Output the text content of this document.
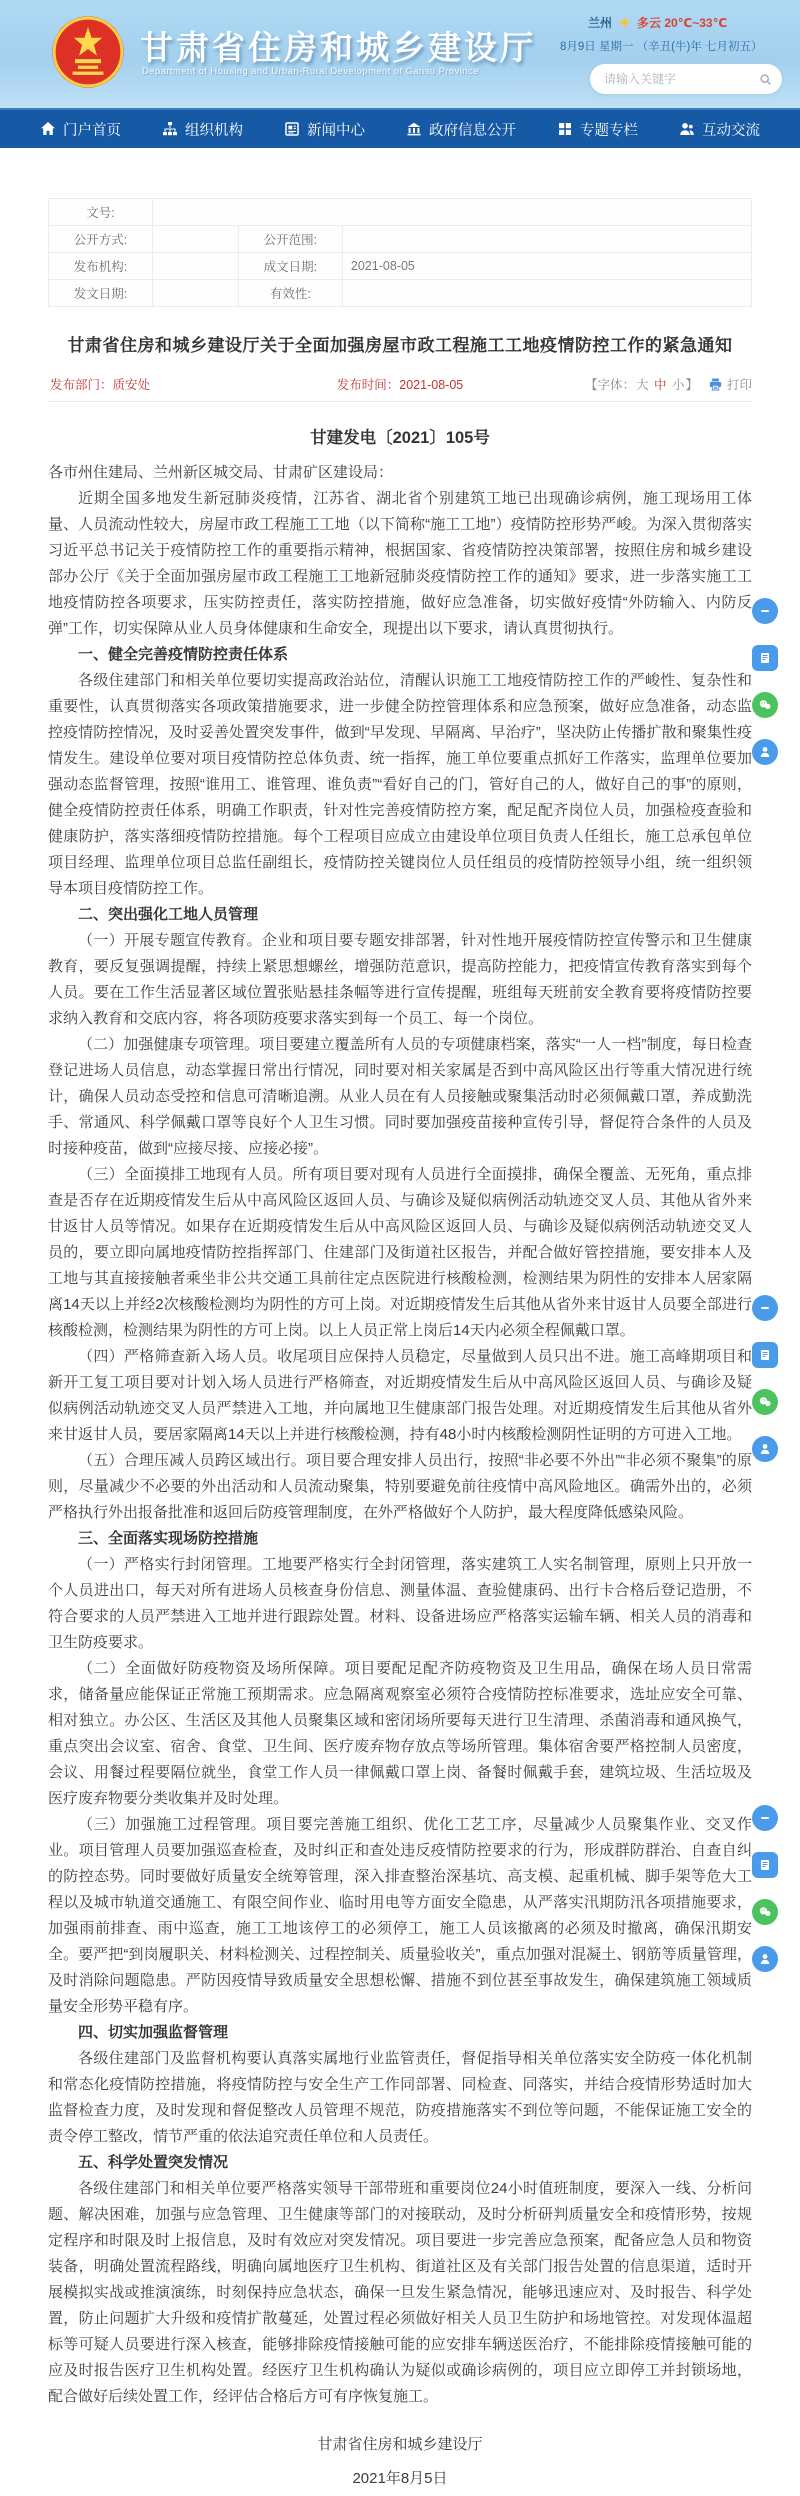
甘肃省住房和城乡建设厅
Department of Housing and Urban-Rural Development of Gansu Province
兰州 多云 20℃~33℃
8月9日 星期一 （辛丑(牛)年 七月初五）
请输入关键字
门户首页	组织机构	新闻中心	政府信息公开	专题专栏	互动交流
文号:			
公开方式:		公开范围:	
发布机构:		成文日期:	2021-08-05
发文日期:		有效性:	
甘肃省住房和城乡建设厅关于全面加强房屋市政工程施工工地疫情防控工作的紧急通知
发布部门：质安处	发布时间：2021-08-05	【字体：大 中 小】 打印
甘建发电〔2021〕105号

各市州住建局、兰州新区城交局、甘肃矿区建设局：

近期全国多地发生新冠肺炎疫情，江苏省、湖北省个别建筑工地已出现确诊病例，施工现场用工体量、人员流动性较大，房屋市政工程施工工地（以下简称“施工工地”）疫情防控形势严峻。为深入贯彻落实习近平总书记关于疫情防控工作的重要指示精神，根据国家、省疫情防控决策部署，按照住房和城乡建设部办公厅《关于全面加强房屋市政工程施工工地新冠肺炎疫情防控工作的通知》要求，进一步落实施工工地疫情防控各项要求，压实防控责任，落实防控措施，做好应急准备，切实做好疫情“外防输入、内防反弹”工作，切实保障从业人员身体健康和生命安全，现提出以下要求，请认真贯彻执行。

一、健全完善疫情防控责任体系

各级住建部门和相关单位要切实提高政治站位，清醒认识施工工地疫情防控工作的严峻性、复杂性和重要性，认真贯彻落实各项政策措施要求，进一步健全防控管理体系和应急预案，做好应急准备，动态监控疫情防控情况，及时妥善处置突发事件，做到“早发现、早隔离、早治疗”，坚决防止传播扩散和聚集性疫情发生。建设单位要对项目疫情防控总体负责、统一指挥，施工单位要重点抓好工作落实，监理单位要加强动态监督管理，按照“谁用工、谁管理、谁负责”“看好自己的门，管好自己的人，做好自己的事”的原则，健全疫情防控责任体系，明确工作职责，针对性完善疫情防控方案，配足配齐岗位人员，加强检疫查验和健康防护，落实落细疫情防控措施。每个工程项目应成立由建设单位项目负责人任组长，施工总承包单位项目经理、监理单位项目总监任副组长，疫情防控关键岗位人员任组员的疫情防控领导小组，统一组织领导本项目疫情防控工作。

二、突出强化工地人员管理

（一）开展专题宣传教育。企业和项目要专题安排部署，针对性地开展疫情防控宣传警示和卫生健康教育，要反复强调提醒，持续上紧思想螺丝，增强防范意识，提高防控能力，把疫情宣传教育落实到每个人员。要在工作生活显著区域位置张贴悬挂条幅等进行宣传提醒，班组每天班前安全教育要将疫情防控要求纳入教育和交底内容，将各项防疫要求落实到每一个员工、每一个岗位。

（二）加强健康专项管理。项目要建立覆盖所有人员的专项健康档案，落实“一人一档”制度，每日检查登记进场人员信息，动态掌握日常出行情况，同时要对相关家属是否到中高风险区出行等重大情况进行统计，确保人员动态受控和信息可清晰追溯。从业人员在有人员接触或聚集活动时必须佩戴口罩，养成勤洗手、常通风、科学佩戴口罩等良好个人卫生习惯。同时要加强疫苗接种宣传引导，督促符合条件的人员及时接种疫苗，做到“应接尽接、应接必接”。

（三）全面摸排工地现有人员。所有项目要对现有人员进行全面摸排，确保全覆盖、无死角，重点排查是否存在近期疫情发生后从中高风险区返回人员、与确诊及疑似病例活动轨迹交叉人员、其他从省外来甘返甘人员等情况。如果存在近期疫情发生后从中高风险区返回人员、与确诊及疑似病例活动轨迹交叉人员的，要立即向属地疫情防控指挥部门、住建部门及街道社区报告，并配合做好管控措施，要安排本人及工地与其直接接触者乘坐非公共交通工具前往定点医院进行核酸检测，检测结果为阴性的安排本人居家隔离14天以上并经2次核酸检测均为阴性的方可上岗。对近期疫情发生后其他从省外来甘返甘人员要全部进行核酸检测，检测结果为阴性的方可上岗。以上人员正常上岗后14天内必须全程佩戴口罩。

（四）严格筛查新入场人员。收尾项目应保持人员稳定，尽量做到人员只出不进。施工高峰期项目和新开工复工项目要对计划入场人员进行严格筛查，对近期疫情发生后从中高风险区返回人员、与确诊及疑似病例活动轨迹交叉人员严禁进入工地，并向属地卫生健康部门报告处理。对近期疫情发生后其他从省外来甘返甘人员，要居家隔离14天以上并进行核酸检测，持有48小时内核酸检测阴性证明的方可进入工地。

（五）合理压减人员跨区域出行。项目要合理安排人员出行，按照“非必要不外出”“非必须不聚集”的原则，尽量减少不必要的外出活动和人员流动聚集，特别要避免前往疫情中高风险地区。确需外出的，必须严格执行外出报备批准和返回后防疫管理制度，在外严格做好个人防护，最大程度降低感染风险。

三、全面落实现场防控措施

（一）严格实行封闭管理。工地要严格实行全封闭管理，落实建筑工人实名制管理，原则上只开放一个人员进出口，每天对所有进场人员核查身份信息、测量体温、查验健康码、出行卡合格后登记造册，不符合要求的人员严禁进入工地并进行跟踪处置。材料、设备进场应严格落实运输车辆、相关人员的消毒和卫生防疫要求。

（二）全面做好防疫物资及场所保障。项目要配足配齐防疫物资及卫生用品，确保在场人员日常需求，储备量应能保证正常施工预期需求。应急隔离观察室必须符合疫情防控标准要求，选址应安全可靠、相对独立。办公区、生活区及其他人员聚集区域和密闭场所要每天进行卫生清理、杀菌消毒和通风换气，重点突出会议室、宿舍、食堂、卫生间、医疗废弃物存放点等场所管理。集体宿舍要严格控制人员密度，会议、用餐过程要隔位就坐，食堂工作人员一律佩戴口罩上岗、备餐时佩戴手套，建筑垃圾、生活垃圾及医疗废弃物要分类收集并及时处理。

（三）加强施工过程管理。项目要完善施工组织、优化工艺工序，尽量减少人员聚集作业、交叉作业。项目管理人员要加强巡查检查，及时纠正和查处违反疫情防控要求的行为，形成群防群治、自查自纠的防控态势。同时要做好质量安全统筹管理，深入排查整治深基坑、高支模、起重机械、脚手架等危大工程以及城市轨道交通施工、有限空间作业、临时用电等方面安全隐患，从严落实汛期防汛各项措施要求，加强雨前排查、雨中巡查，施工工地该停工的必须停工，施工人员该撤离的必须及时撤离，确保汛期安全。要严把“到岗履职关、材料检测关、过程控制关、质量验收关”，重点加强对混凝土、钢筋等质量管理，及时消除问题隐患。严防因疫情导致质量安全思想松懈、措施不到位甚至事故发生，确保建筑施工领域质量安全形势平稳有序。

四、切实加强监督管理

各级住建部门及监督机构要认真落实属地行业监管责任，督促指导相关单位落实安全防疫一体化机制和常态化疫情防控措施，将疫情防控与安全生产工作同部署、同检查、同落实，并结合疫情形势适时加大监督检查力度，及时发现和督促整改人员管理不规范，防疫措施落实不到位等问题，不能保证施工安全的责令停工整改，情节严重的依法追究责任单位和人员责任。

五、科学处置突发情况

各级住建部门和相关单位要严格落实领导干部带班和重要岗位24小时值班制度，要深入一线、分析问题、解决困难，加强与应急管理、卫生健康等部门的对接联动，及时分析研判质量安全和疫情形势，按规定程序和时限及时上报信息，及时有效应对突发情况。项目要进一步完善应急预案，配备应急人员和物资装备，明确处置流程路线，明确向属地医疗卫生机构、街道社区及有关部门报告处置的信息渠道，适时开展模拟实战或推演演练，时刻保持应急状态，确保一旦发生紧急情况，能够迅速应对、及时报告、科学处置，防止问题扩大升级和疫情扩散蔓延，处置过程必须做好相关人员卫生防护和场地管控。对发现体温超标等可疑人员要进行深入核查，能够排除疫情接触可能的应安排车辆送医治疗，不能排除疫情接触可能的应及时报告医疗卫生机构处置。经医疗卫生机构确认为疑似或确诊病例的，项目应立即停工并封锁场地，配合做好后续处置工作，经评估合格后方可有序恢复施工。

甘肃省住房和城乡建设厅
2021年8月5日
